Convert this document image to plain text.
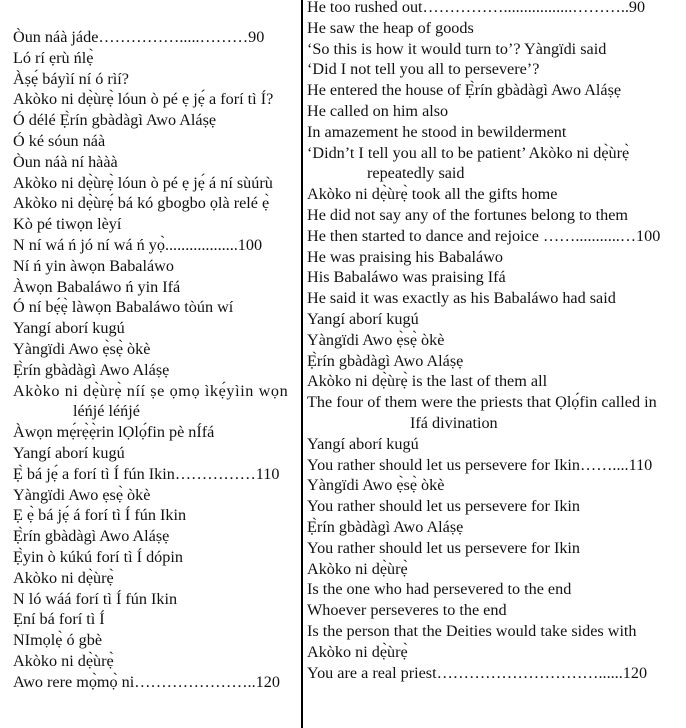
Òun náà jáde…………….....………90
Ló rí ẹrù ńlẹ̀
Àṣẹ́ báyìí ní ó rìí?
Akòko ni dẹ̀ùrẹ̀ lóun ò pé ẹ jẹ́ a forí tì Í?
Ó délé Ẹ̀rín gbàdàgì Awo Aláṣẹ
Ó ké sóun náà
Òun náà ní hààà
Akòko ni dẹ̀ùrẹ̀ lóun ò pé ẹ jẹ́ á ní sùúrù
Akòko ni dẹ̀ùrẹ́ bá kó gbogbo ọlà relé ẹ̀
Kò pé tiwọn lèyí
N ní wá ń jó ní wá ń yọ̀..................100
Ní ń yin àwọn Babaláwo
Àwọn Babaláwo ń yin Ifá
Ó ní bẹ́ẹ̀ làwọn Babaláwo tòún wí
Yangí aborí kugú
Yàngïdi Awo ẹ̀sẹ̀ òkè
Ẹ̀rín gbàdàgì Awo Aláṣẹ
Akòko ni dẹ̀ùrẹ̀ níí ṣe ọmọ ìkẹ́yìin wọn
léńjé léńjé
Àwọn mẹ́rẹ̀ẹ̀rin lỌlọ́fin pè nÍfá
Yangí aborí kugú
Ẹ̀ bá jẹ́ a forí tì Í fún Ikin……………110
Yàngïdi Awo ẹsẹ̀ òkè
Ẹ ẹ̀ bá jẹ́ á forí tì Í fún Ikin
Ẹ̀rín gbàdàgì Awo Aláṣẹ
Ẹ̀yin ò kúkú forí tì Í dópin
Akòko ni dẹ̀ùrẹ̀
N ló wáá forí tì Í fún Ikin
Ẹní bá forí tì Í
NImọlẹ̀ ó gbè
Akòko ni dẹ̀ùrẹ̀
Awo rere mọ̀mọ̀ ni…………………..120
He too rushed out…………….................………..90
He saw the heap of goods
‘So this is how it would turn to’? Yàngïdi said
‘Did I not tell you all to persevere’?
He entered the house of Ẹ̀rín gbàdàgì Awo Aláṣẹ
He called on him also
In amazement he stood in bewilderment
‘Didn’t I tell you all to be patient’ Akòko ni dẹ̀ùrẹ̀
repeatedly said
Akòko ni dẹ̀ùrẹ̀ took all the gifts home
He did not say any of the fortunes belong to them
He then started to dance and rejoice ……...........…100
He was praising his Babaláwo
His Babaláwo was praising Ifá
He said it was exactly as his Babaláwo had said
Yangí aborí kugú
Yàngïdi Awo ẹ̀sẹ̀ òkè
Ẹ̀rín gbàdàgì Awo Aláṣẹ
Akòko ni dẹ̀ùrẹ̀ is the last of them all
The four of them were the priests that Ọlọ́fin called in
Ifá divination
Yangí aborí kugú
You rather should let us persevere for Ikin……....110
Yàngïdi Awo ẹ̀sẹ̀ òkè
You rather should let us persevere for Ikin
Ẹ̀rín gbàdàgì Awo Aláṣẹ
You rather should let us persevere for Ikin
Akòko ni dẹ̀ùrẹ̀
Is the one who had persevered to the end
Whoever perseveres to the end
Is the person that the Deities would take sides with
Akòko ni dẹ̀ùrẹ̀
You are a real priest…………………………......120
